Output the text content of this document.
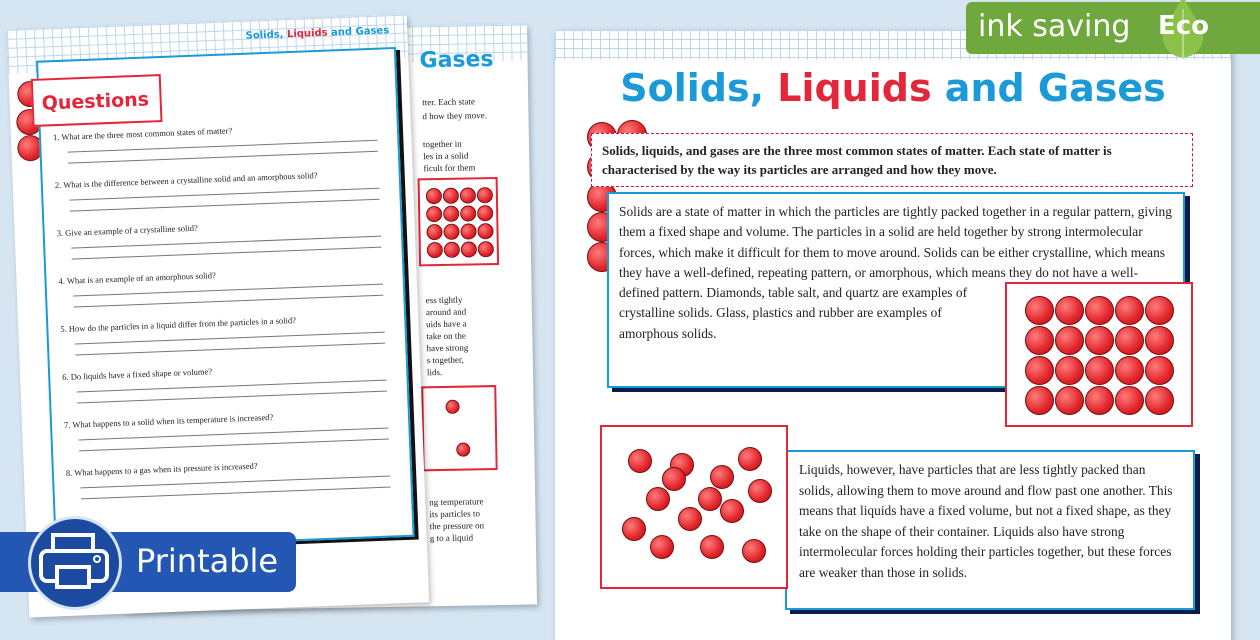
Gases
tter. Each state
d how they move.
together in
les in a solid
ficult for them
ess tightly
around and
uids have a
take on the
have strong
s together,
lids.
ng temperature
its particles to
the pressure on
g to a liquid
Solids, Liquids and Gases
Questions
1. What are the three most common states of matter?
2. What is the difference between a crystalline solid and an amorphous solid?
3. Give an example of a crystalline solid?
4. What is an example of an amorphous solid?
5. How do the particles in a liquid differ from the particles in a solid?
6. Do liquids have a fixed shape or volume?
7. What happens to a solid when its temperature is increased?
8. What happens to a gas when its pressure is increased?
Solids, Liquids and Gases
Solids, liquids, and gases are the three most common states of matter. Each state of matter is characterised by the way its particles are arranged and how they move.
Solids are a state of matter in which the particles are tightly packed together in a regular pattern, giving them a fixed shape and volume. The particles in a solid are held together by strong intermolecular forces, which make it difficult for them to move around. Solids can be either crystalline, which means they have a well-defined, repeating pattern, or amorphous, which means they do not have a well-defined pattern. Diamonds, table salt, and quartz are examples of crystalline solids. Glass, plastics and rubber are examples of amorphous solids.
Liquids, however, have particles that are less tightly packed than solids, allowing them to move around and flow past one another. This means that liquids have a fixed volume, but not a fixed shape, as they take on the shape of their container. Liquids also have strong intermolecular forces holding their particles together, but these forces are weaker than those in solids.
Printable
ink saving Eco
